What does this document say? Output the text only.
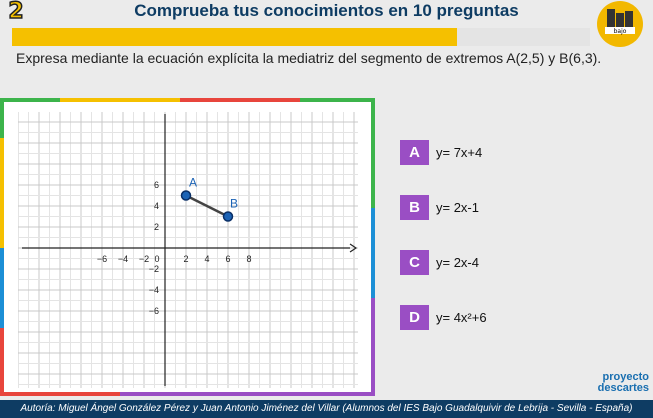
2	Comprueba tus conocimientos en 10 preguntas
bajo
Expresa mediante la ecuación explícita la mediatriz del segmento de extremos A(2,5) y B(6,3).
−6 −4 −2 0	2 4 6 8
6
4
2
−2
−4
−6
A
B
A	y= 7x+4
B	y= 2x-1
C	y= 2x-4
D	y= 4x²+6
proyecto
descartes
Autoría: Miguel Ángel González Pérez y Juan Antonio Jiménez del Villar (Alumnos del IES Bajo Guadalquivir de Lebrija - Sevilla - España)
